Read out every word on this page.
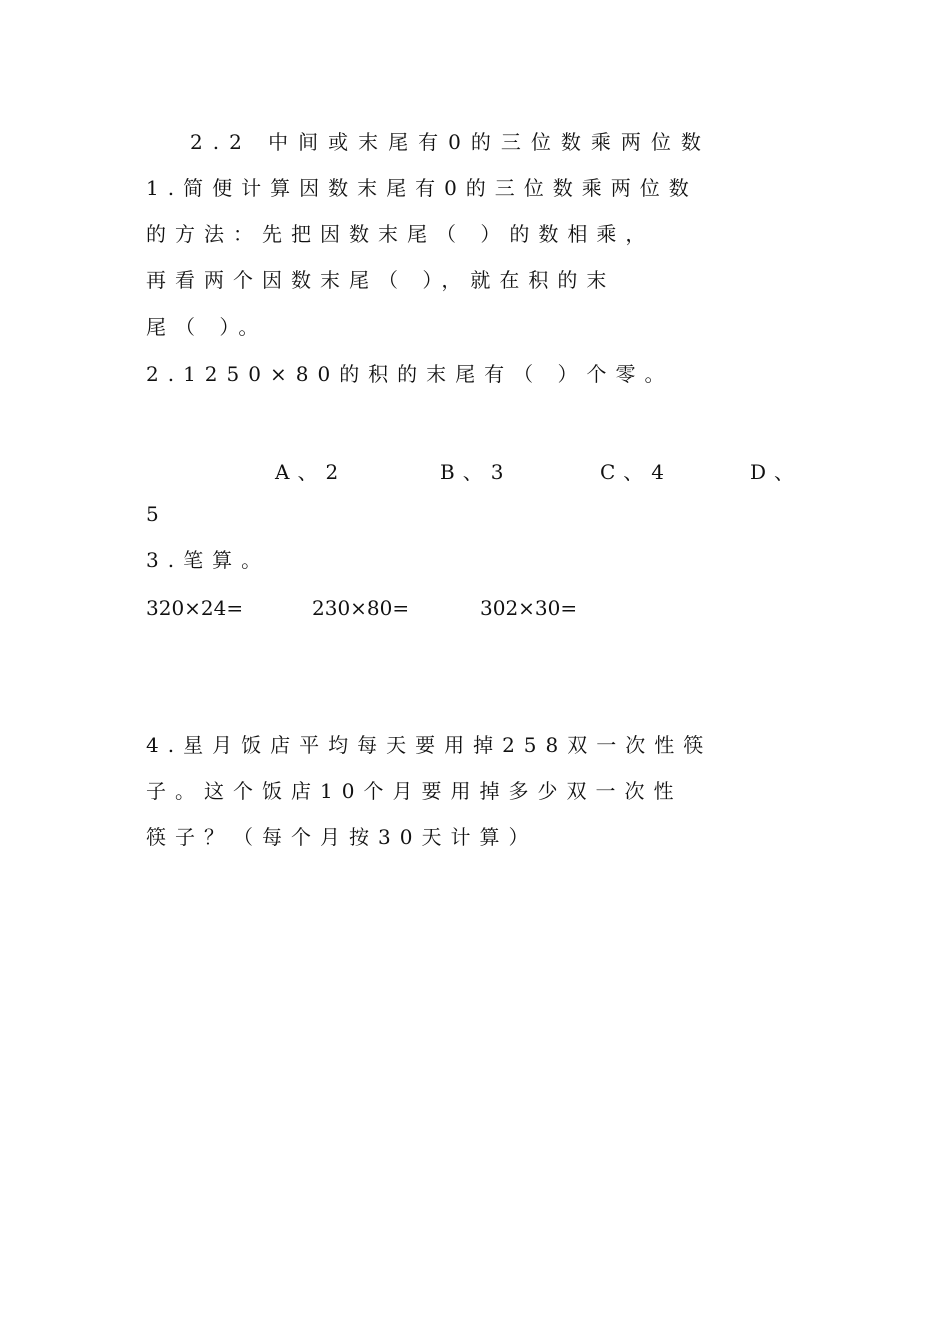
2.2 中间或末尾有0的三位数乘两位数
1.简便计算因数末尾有0的三位数乘两位数
的方法：先把因数末尾（ ）的数相乘，
再看两个因数末尾（ ），就在积的末
尾（ ）。
2.1250×80的积的末尾有（ ）个零。
A、2	B、3	C、4	D、
5
3.笔算。
320×24=	230×80=	302×30=
4.星月饭店平均每天要用掉258双一次性筷
子。这个饭店10个月要用掉多少双一次性
筷子？（每个月按30天计算）
